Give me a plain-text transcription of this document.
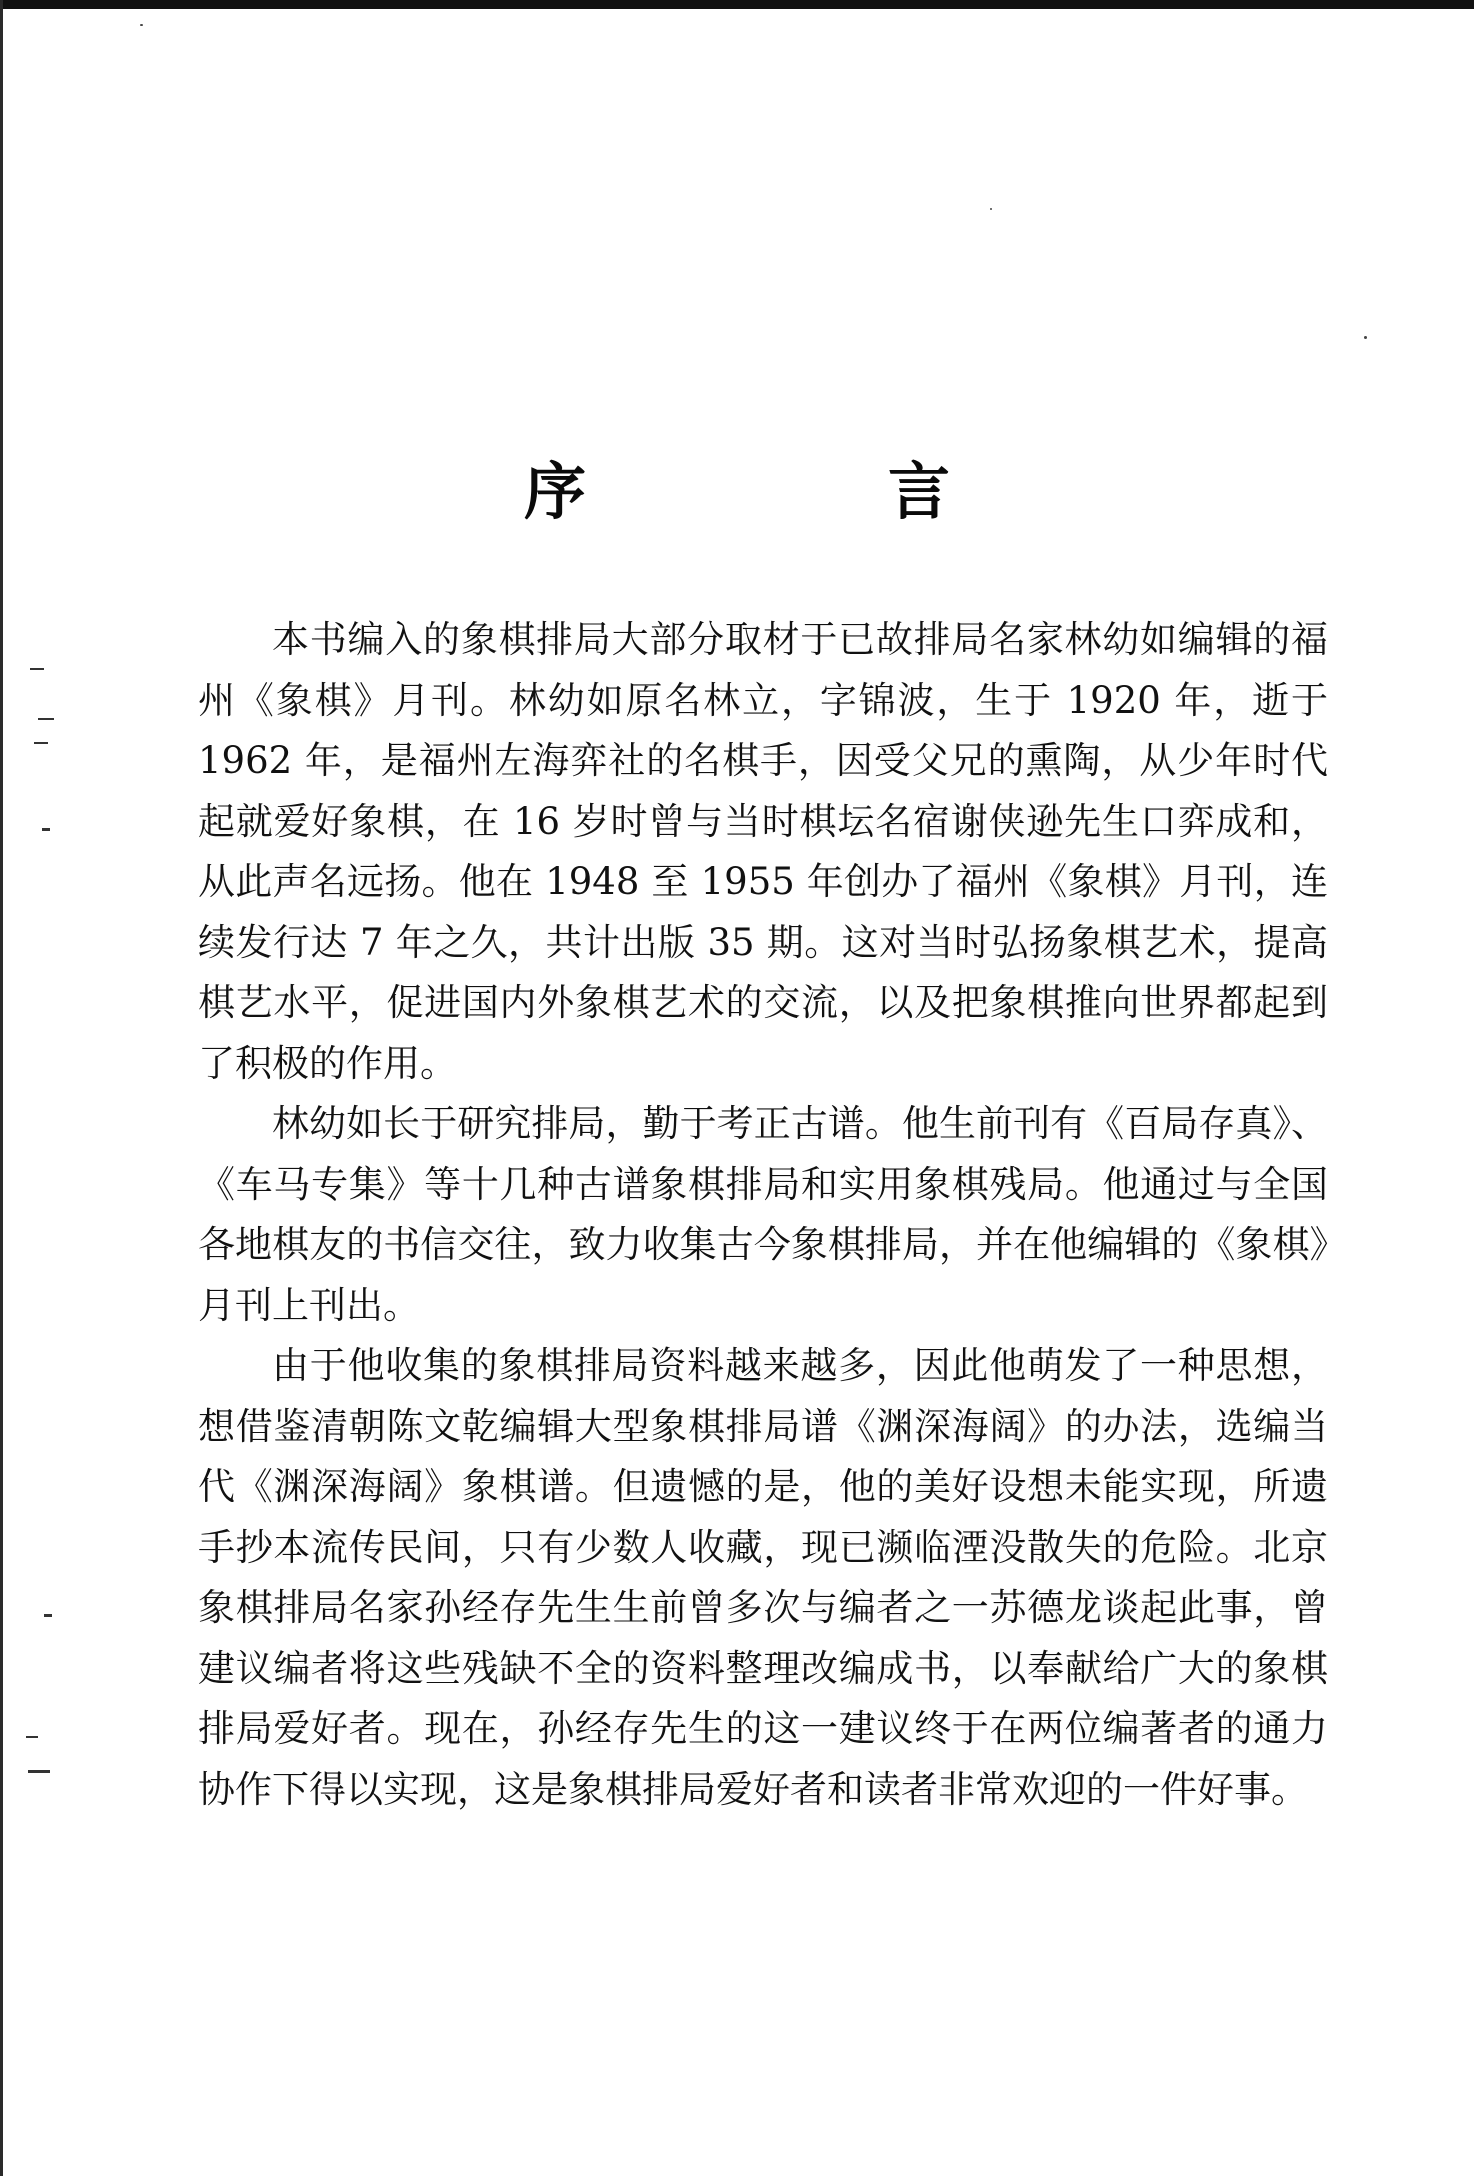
序　言

本书编入的象棋排局大部分取材于已故排局名家林幼如编辑的福州《象棋》月刊。林幼如原名林立，字锦波，生于 1920 年，逝于 1962 年，是福州左海弈社的名棋手，因受父兄的熏陶，从少年时代起就爱好象棋，在 16 岁时曾与当时棋坛名宿谢侠逊先生口弈成和，从此声名远扬。他在 1948 至 1955 年创办了福州《象棋》月刊，连续发行达 7 年之久，共计出版 35 期。这对当时弘扬象棋艺术，提高棋艺水平，促进国内外象棋艺术的交流，以及把象棋推向世界都起到了积极的作用。

林幼如长于研究排局，勤于考正古谱。他生前刊有《百局存真》、《车马专集》等十几种古谱象棋排局和实用象棋残局。他通过与全国各地棋友的书信交往，致力收集古今象棋排局，并在他编辑的《象棋》月刊上刊出。

由于他收集的象棋排局资料越来越多，因此他萌发了一种思想，想借鉴清朝陈文乾编辑大型象棋排局谱《渊深海阔》的办法，选编当代《渊深海阔》象棋谱。但遗憾的是，他的美好设想未能实现，所遗手抄本流传民间，只有少数人收藏，现已濒临湮没散失的危险。北京象棋排局名家孙经存先生生前曾多次与编者之一苏德龙谈起此事，曾建议编者将这些残缺不全的资料整理改编成书，以奉献给广大的象棋排局爱好者。现在，孙经存先生的这一建议终于在两位编著者的通力协作下得以实现，这是象棋排局爱好者和读者非常欢迎的一件好事。
